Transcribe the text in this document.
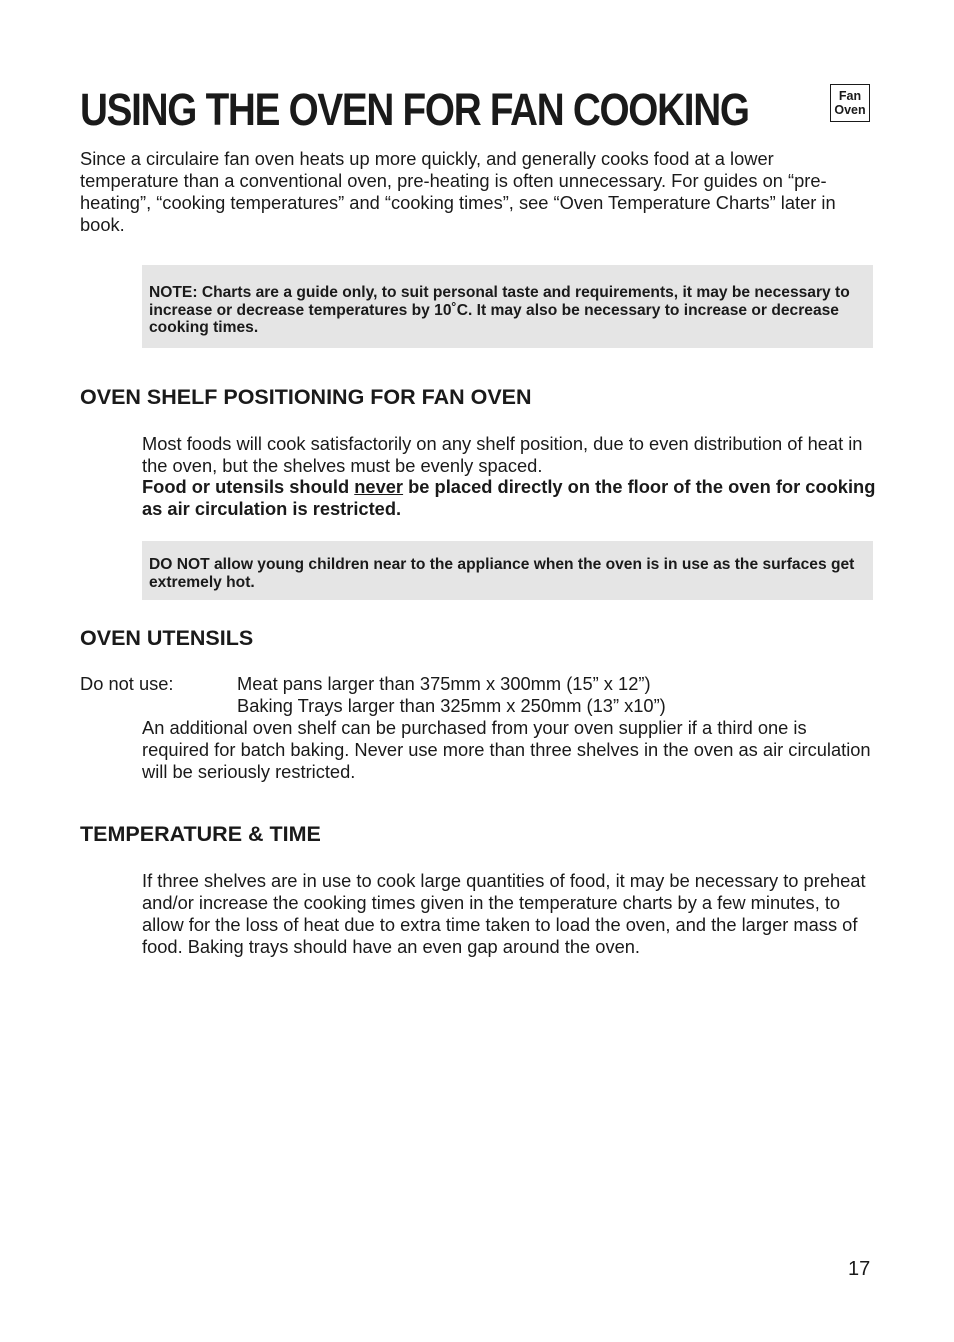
USING THE OVEN FOR FAN COOKING	Fan
Oven

Since a circulaire fan oven heats up more quickly, and generally cooks food at a lower temperature than a conventional oven, pre-heating is often unnecessary. For guides on “pre-heating”, “cooking temperatures” and “cooking times”, see “Oven Temperature Charts” later in book.

NOTE: Charts are a guide only, to suit personal taste and requirements, it may be necessary to increase or decrease temperatures by 10˚C. It may also be necessary to increase or decrease cooking times.
OVEN SHELF POSITIONING FOR FAN OVEN

Most foods will cook satisfactorily on any shelf position, due to even distribution of heat in the oven, but the shelves must be evenly spaced.

Food or utensils should never be placed directly on the floor of the oven for cooking as air circulation is restricted.

DO NOT allow young children near to the appliance when the oven is in use as the surfaces get extremely hot.
OVEN UTENSILS

Do not use:	Meat pans larger than 375mm x 300mm (15” x 12”)

Baking Trays larger than 325mm x 250mm (13” x10”)

An additional oven shelf can be purchased from your oven supplier if a third one is required for batch baking. Never use more than three shelves in the oven as air circulation will be seriously restricted.

TEMPERATURE & TIME

If three shelves are in use to cook large quantities of food, it may be necessary to preheat and/or increase the cooking times given in the temperature charts by a few minutes, to allow for the loss of heat due to extra time taken to load the oven, and the larger mass of food. Baking trays should have an even gap around the oven.

17
